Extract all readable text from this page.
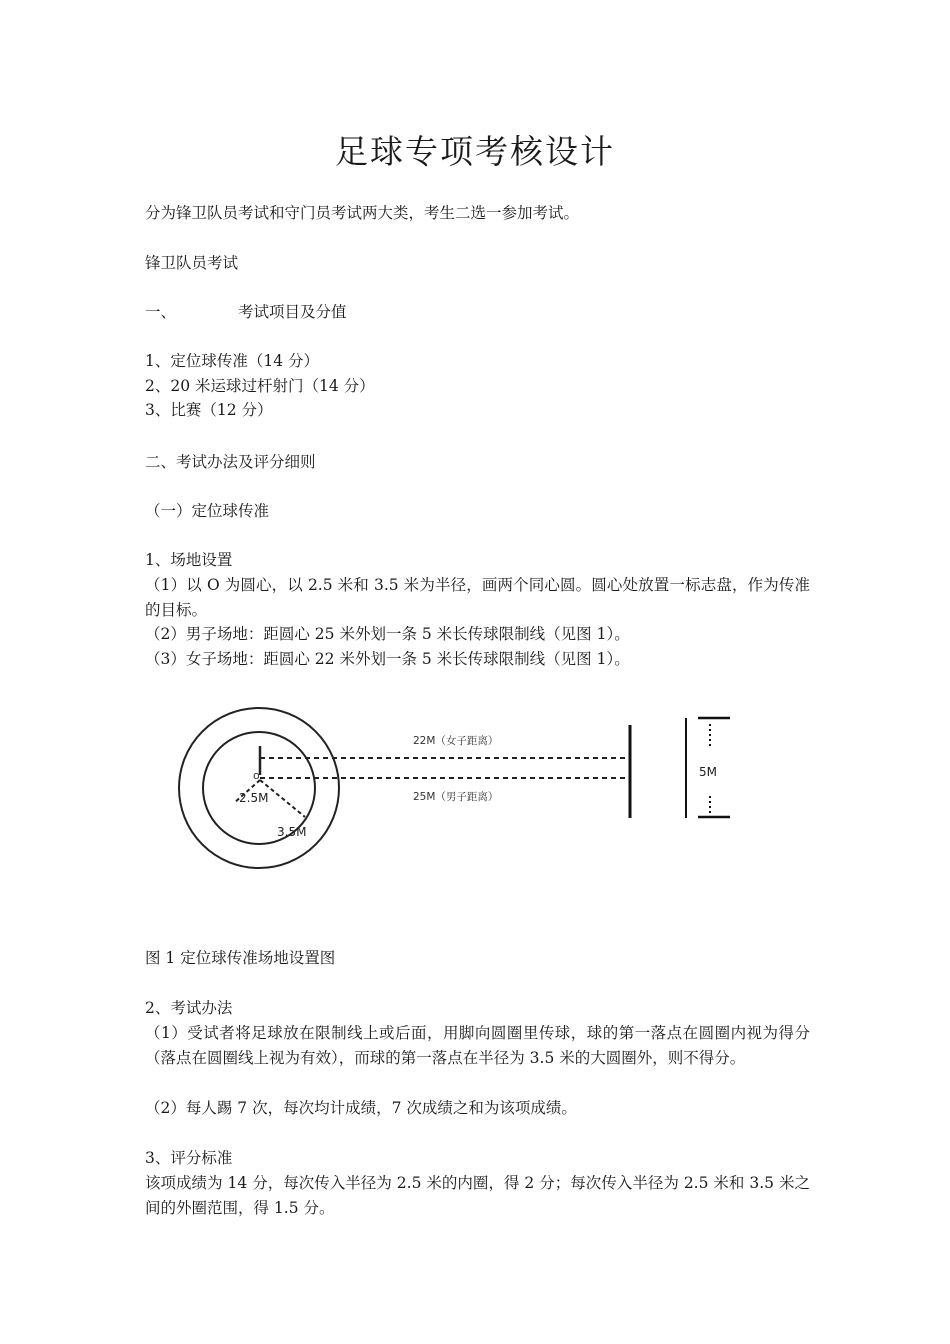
足球专项考核设计
分为锋卫队员考试和守门员考试两大类，考生二选一参加考试。
锋卫队员考试
一、	考试项目及分值
1、定位球传准（14 分）
2、20 米运球过杆射门（14 分）
3、比赛（12 分）
二、考试办法及评分细则
（一）定位球传准
1、场地设置
（1）以 O 为圆心，以 2.5 米和 3.5 米为半径，画两个同心圆。圆心处放置一标志盘，作为传准的目标。
（2）男子场地：距圆心 25 米外划一条 5 米长传球限制线（见图 1）。
（3）女子场地：距圆心 22 米外划一条 5 米长传球限制线（见图 1）。
o
22M（女子距离）
25M（男子距离）
2.5M
3.5M
5M
图 1 定位球传准场地设置图
2、考试办法
（1）受试者将足球放在限制线上或后面，用脚向圆圈里传球，球的第一落点在圆圈内视为得分（落点在圆圈线上视为有效），而球的第一落点在半径为 3.5 米的大圆圈外，则不得分。
（2）每人踢 7 次，每次均计成绩，7 次成绩之和为该项成绩。
3、评分标准
该项成绩为 14 分，每次传入半径为 2.5 米的内圈，得 2 分；每次传入半径为 2.5 米和 3.5 米之间的外圈范围，得 1.5 分。
